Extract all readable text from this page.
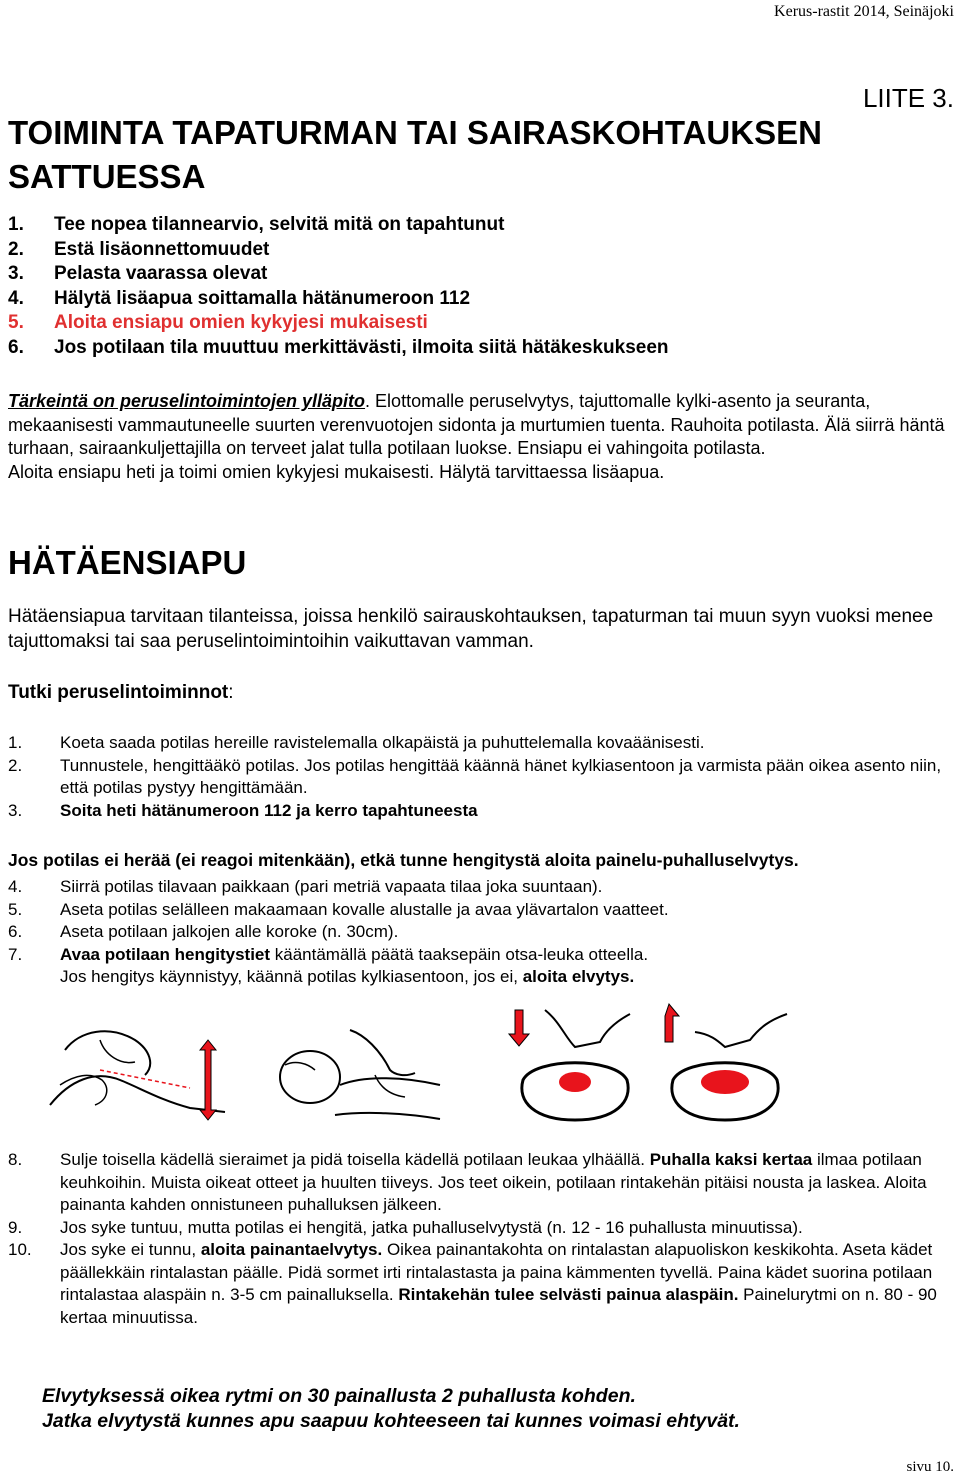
Kerus-rastit 2014, Seinäjoki
LIITE 3.
TOIMINTA TAPATURMAN TAI SAIRASKOHTAUKSEN
SATTUESSA
1. Tee nopea tilannearvio, selvitä mitä on tapahtunut
2. Estä lisäonnettomuudet
3. Pelasta vaarassa olevat
4. Hälytä lisäapua soittamalla hätänumeroon 112
5. Aloita ensiapu omien kykyjesi mukaisesti
6. Jos potilaan tila muuttuu merkittävästi, ilmoita siitä hätäkeskukseen
Tärkeintä on peruselintoimintojen ylläpito. Elottomalle peruselvytys, tajuttomalle kylki-asento ja seuranta, mekaanisesti vammautuneelle suurten verenvuotojen sidonta ja murtumien tuenta. Rauhoita potilasta. Älä siirrä häntä turhaan, sairaankuljettajilla on terveet jalat tulla potilaan luokse. Ensiapu ei vahingoita potilasta.
Aloita ensiapu heti ja toimi omien kykyjesi mukaisesti. Hälytä tarvittaessa lisäapua.
HÄTÄENSIAPU
Hätäensiapua tarvitaan tilanteissa, joissa henkilö sairauskohtauksen, tapaturman tai muun syyn vuoksi menee tajuttomaksi tai saa peruselintoimintoihin vaikuttavan vamman.
Tutki peruselintoiminnot:
1.	Koeta saada potilas hereille ravistelemalla olkapäistä ja puhuttelemalla kovaäänisesti.
2.	Tunnustele, hengittääkö potilas. Jos potilas hengittää käännä hänet kylkiasentoon ja varmista pään oikea asento niin, että potilas pystyy hengittämään.
3.	Soita heti hätänumeroon 112 ja kerro tapahtuneesta
Jos potilas ei herää (ei reagoi mitenkään), etkä tunne hengitystä aloita painelu-puhalluselvytys.
4.	Siirrä potilas tilavaan paikkaan (pari metriä vapaata tilaa joka suuntaan).
5.	Aseta potilas selälleen makaamaan kovalle alustalle ja avaa ylävartalon vaatteet.
6.	Aseta potilaan jalkojen alle koroke (n. 30cm).
7.	Avaa potilaan hengitystiet kääntämällä päätä taaksepäin otsa-leuka otteella.
Jos hengitys käynnistyy, käännä potilas kylkiasentoon, jos ei, aloita elvytys.
8.	Sulje toisella kädellä sieraimet ja pidä toisella kädellä potilaan leukaa ylhäällä. Puhalla kaksi kertaa ilmaa potilaan keuhkoihin. Muista oikeat otteet ja huulten tiiveys. Jos teet oikein, potilaan rintakehän pitäisi nousta ja laskea. Aloita painanta kahden onnistuneen puhalluksen jälkeen.
9.	Jos syke tuntuu, mutta potilas ei hengitä, jatka puhalluselvytystä (n. 12 - 16 puhallusta minuutissa).
10.	Jos syke ei tunnu, aloita painantaelvytys. Oikea painantakohta on rintalastan alapuoliskon keskikohta. Aseta kädet päällekkäin rintalastan päälle. Pidä sormet irti rintalastasta ja paina kämmenten tyvellä. Paina kädet suorina potilaan rintalastaa alaspäin n. 3-5 cm painalluksella. Rintakehän tulee selvästi painua alaspäin. Painelurytmi on n. 80 - 90 kertaa minuutissa.
Elvytyksessä oikea rytmi on 30 painallusta 2 puhallusta kohden.
Jatka elvytystä kunnes apu saapuu kohteeseen tai kunnes voimasi ehtyvät.
sivu 10.
